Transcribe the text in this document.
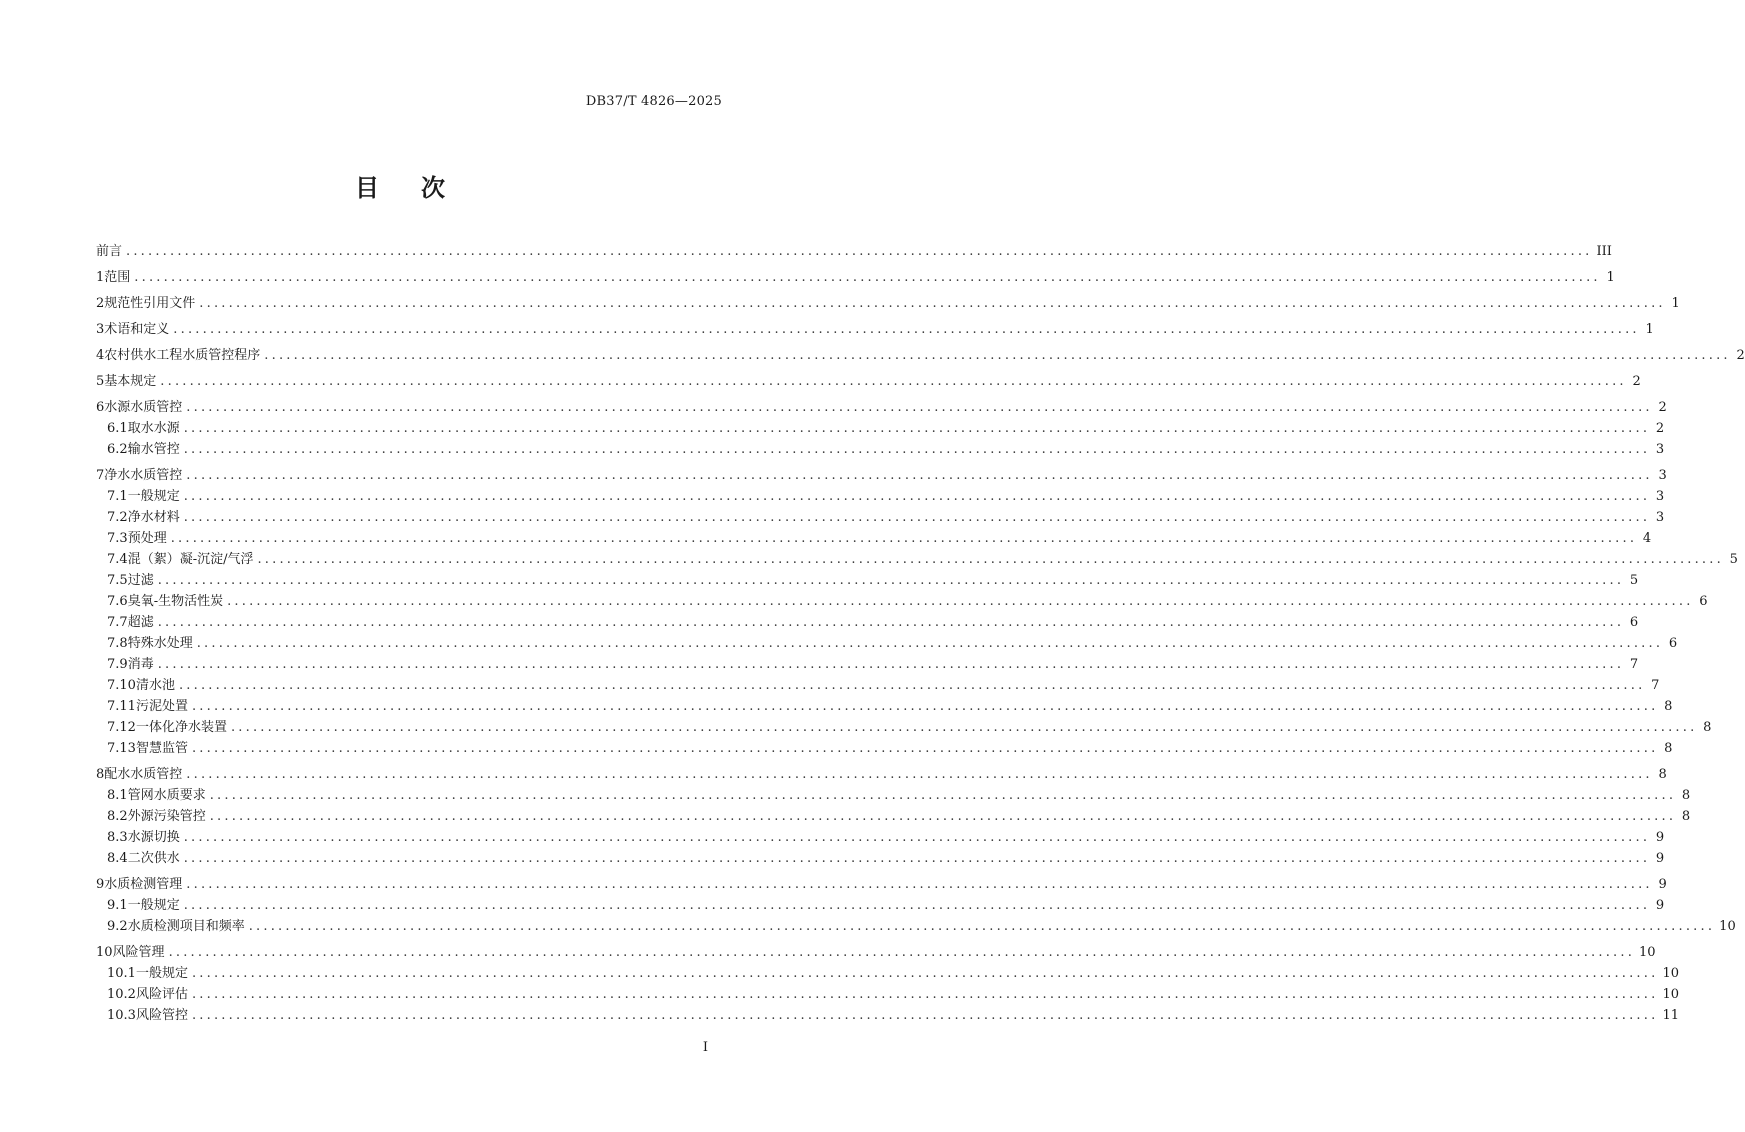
DB37/T 4826—2025
目 次
前言 ........................................................................................................................................................................................................ III
1 范围 ........................................................................................................................................................................................................ 1
2 规范性引用文件 ........................................................................................................................................................................................................ 1
3 术语和定义 ........................................................................................................................................................................................................ 1
4 农村供水工程水质管控程序 ........................................................................................................................................................................................................ 2
5 基本规定 ........................................................................................................................................................................................................ 2
6 水源水质管控 ........................................................................................................................................................................................................ 2
6.1 取水水源 ........................................................................................................................................................................................................ 2
6.2 输水管控 ........................................................................................................................................................................................................ 3
7 净水水质管控 ........................................................................................................................................................................................................ 3
7.1 一般规定 ........................................................................................................................................................................................................ 3
7.2 净水材料 ........................................................................................................................................................................................................ 3
7.3 预处理 ........................................................................................................................................................................................................ 4
7.4 混（絮）凝-沉淀/气浮 ........................................................................................................................................................................................................ 5
7.5 过滤 ........................................................................................................................................................................................................ 5
7.6 臭氧-生物活性炭 ........................................................................................................................................................................................................ 6
7.7 超滤 ........................................................................................................................................................................................................ 6
7.8 特殊水处理 ........................................................................................................................................................................................................ 6
7.9 消毒 ........................................................................................................................................................................................................ 7
7.10 清水池 ........................................................................................................................................................................................................ 7
7.11 污泥处置 ........................................................................................................................................................................................................ 8
7.12 一体化净水装置 ........................................................................................................................................................................................................ 8
7.13 智慧监管 ........................................................................................................................................................................................................ 8
8 配水水质管控 ........................................................................................................................................................................................................ 8
8.1 管网水质要求 ........................................................................................................................................................................................................ 8
8.2 外源污染管控 ........................................................................................................................................................................................................ 8
8.3 水源切换 ........................................................................................................................................................................................................ 9
8.4 二次供水 ........................................................................................................................................................................................................ 9
9 水质检测管理 ........................................................................................................................................................................................................ 9
9.1 一般规定 ........................................................................................................................................................................................................ 9
9.2 水质检测项目和频率 ........................................................................................................................................................................................................ 10
10 风险管理 ........................................................................................................................................................................................................ 10
10.1 一般规定 ........................................................................................................................................................................................................ 10
10.2 风险评估 ........................................................................................................................................................................................................ 10
10.3 风险管控 ........................................................................................................................................................................................................ 11
I
